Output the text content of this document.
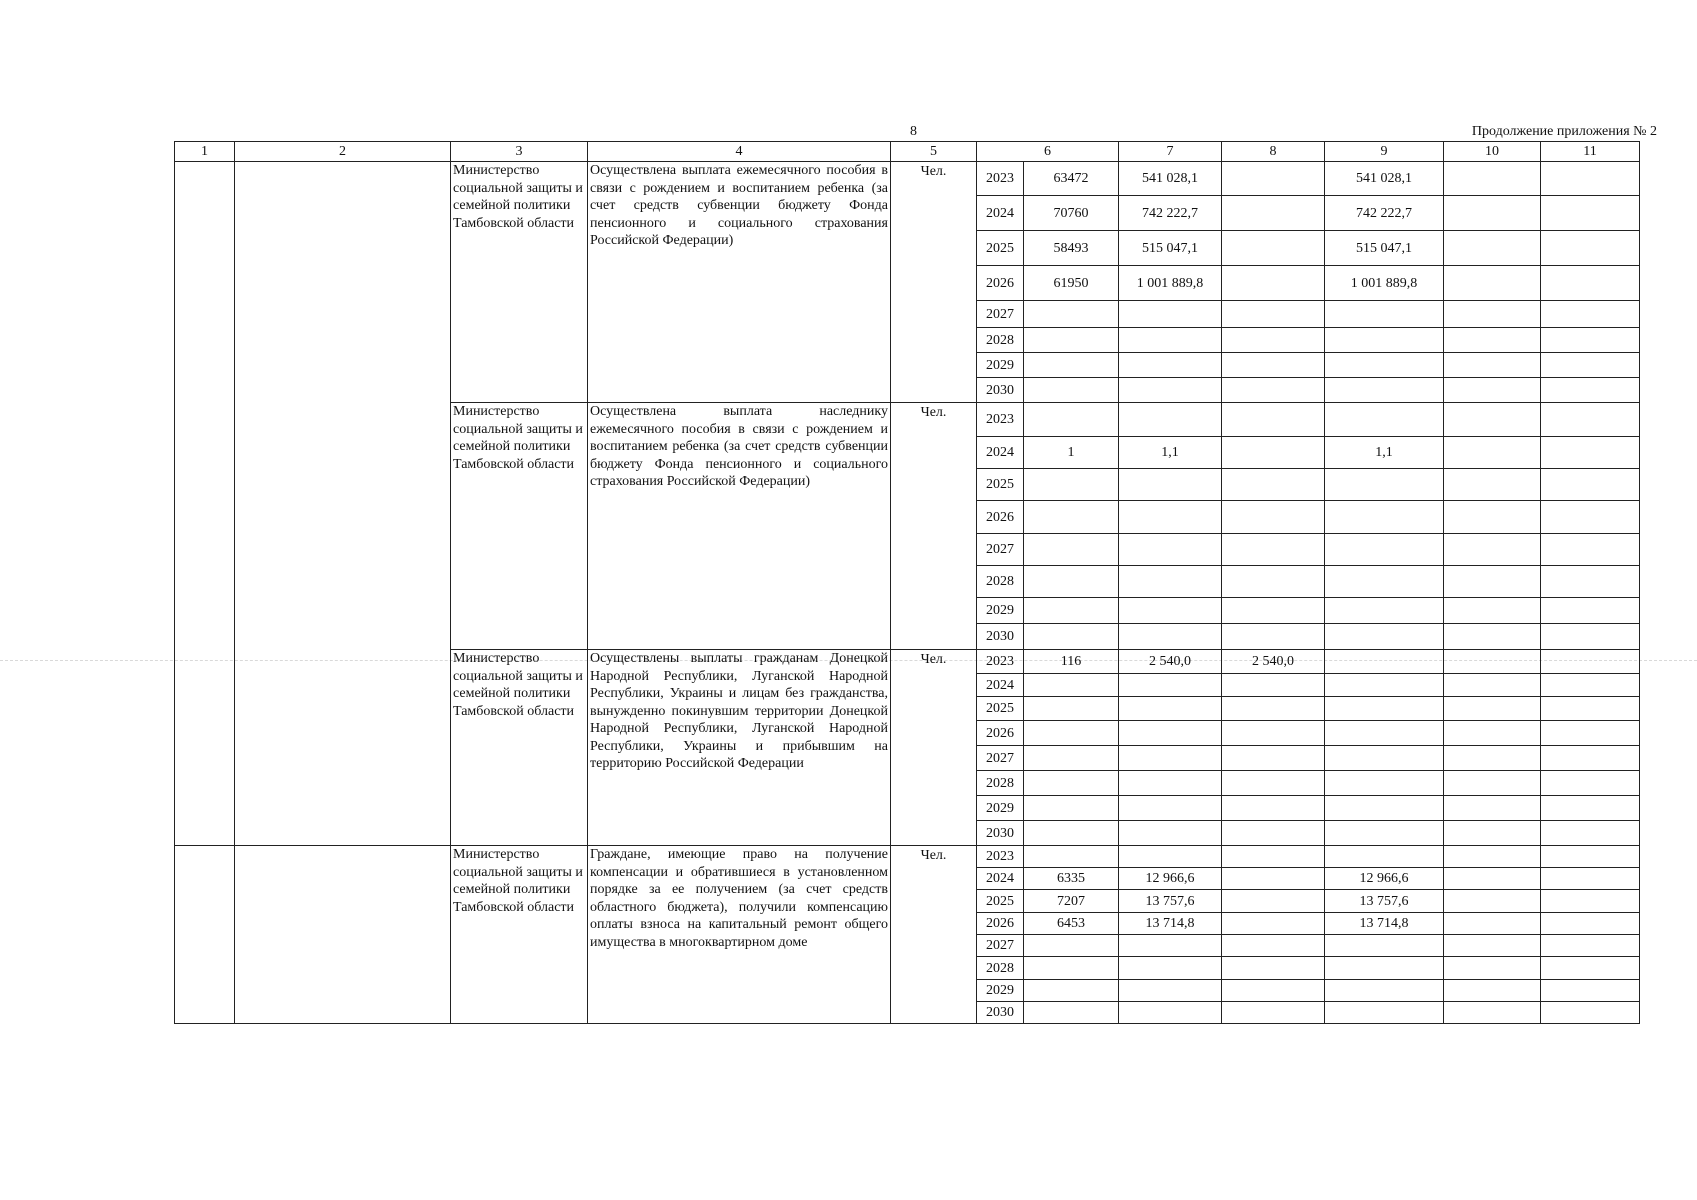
8	Продолжение приложения № 2
1	2	3	4	5	6		7	8	9	10	11
		Министерство социальной защиты и семейной политики Тамбовской области	Осуществлена выплата ежемесячного пособия в связи с рождением и воспитанием ребенка (за счет средств субвенции бюджету Фонда пенсионного и социального страхования Российской Федерации)	Чел.	2023	63472	541 028,1		541 028,1		
					2024	70760	742 222,7		742 222,7		
					2025	58493	515 047,1		515 047,1		
					2026	61950	1 001 889,8		1 001 889,8		
					2027						
					2028						
					2029						
					2030						
		Министерство социальной защиты и семейной политики Тамбовской области	Осуществлена выплата наследнику ежемесячного пособия в связи с рождением и воспитанием ребенка (за счет средств субвенции бюджету Фонда пенсионного и социального страхования Российской Федерации)	Чел.	2023						
					2024	1	1,1		1,1		
					2025						
					2026						
					2027						
					2028						
					2029						
					2030						
		Министерство социальной защиты и семейной политики Тамбовской области	Осуществлены выплаты гражданам Донецкой Народной Республики, Луганской Народной Республики, Украины и лицам без гражданства, вынужденно покинувшим территории Донецкой Народной Республики, Луганской Народной Республики, Украины и прибывшим на территорию Российской Федерации	Чел.	2023	116	2 540,0	2 540,0			
					2024						
					2025						
					2026						
					2027						
					2028						
					2029						
					2030						
		Министерство социальной защиты и семейной политики Тамбовской области	Граждане, имеющие право на получение компенсации и обратившиеся в установленном порядке за ее получением (за счет средств областного бюджета), получили компенсацию оплаты взноса на капитальный ремонт общего имущества в многоквартирном доме	Чел.	2023						
					2024	6335	12 966,6		12 966,6		
					2025	7207	13 757,6		13 757,6		
					2026	6453	13 714,8		13 714,8		
					2027						
					2028						
					2029						
					2030						
